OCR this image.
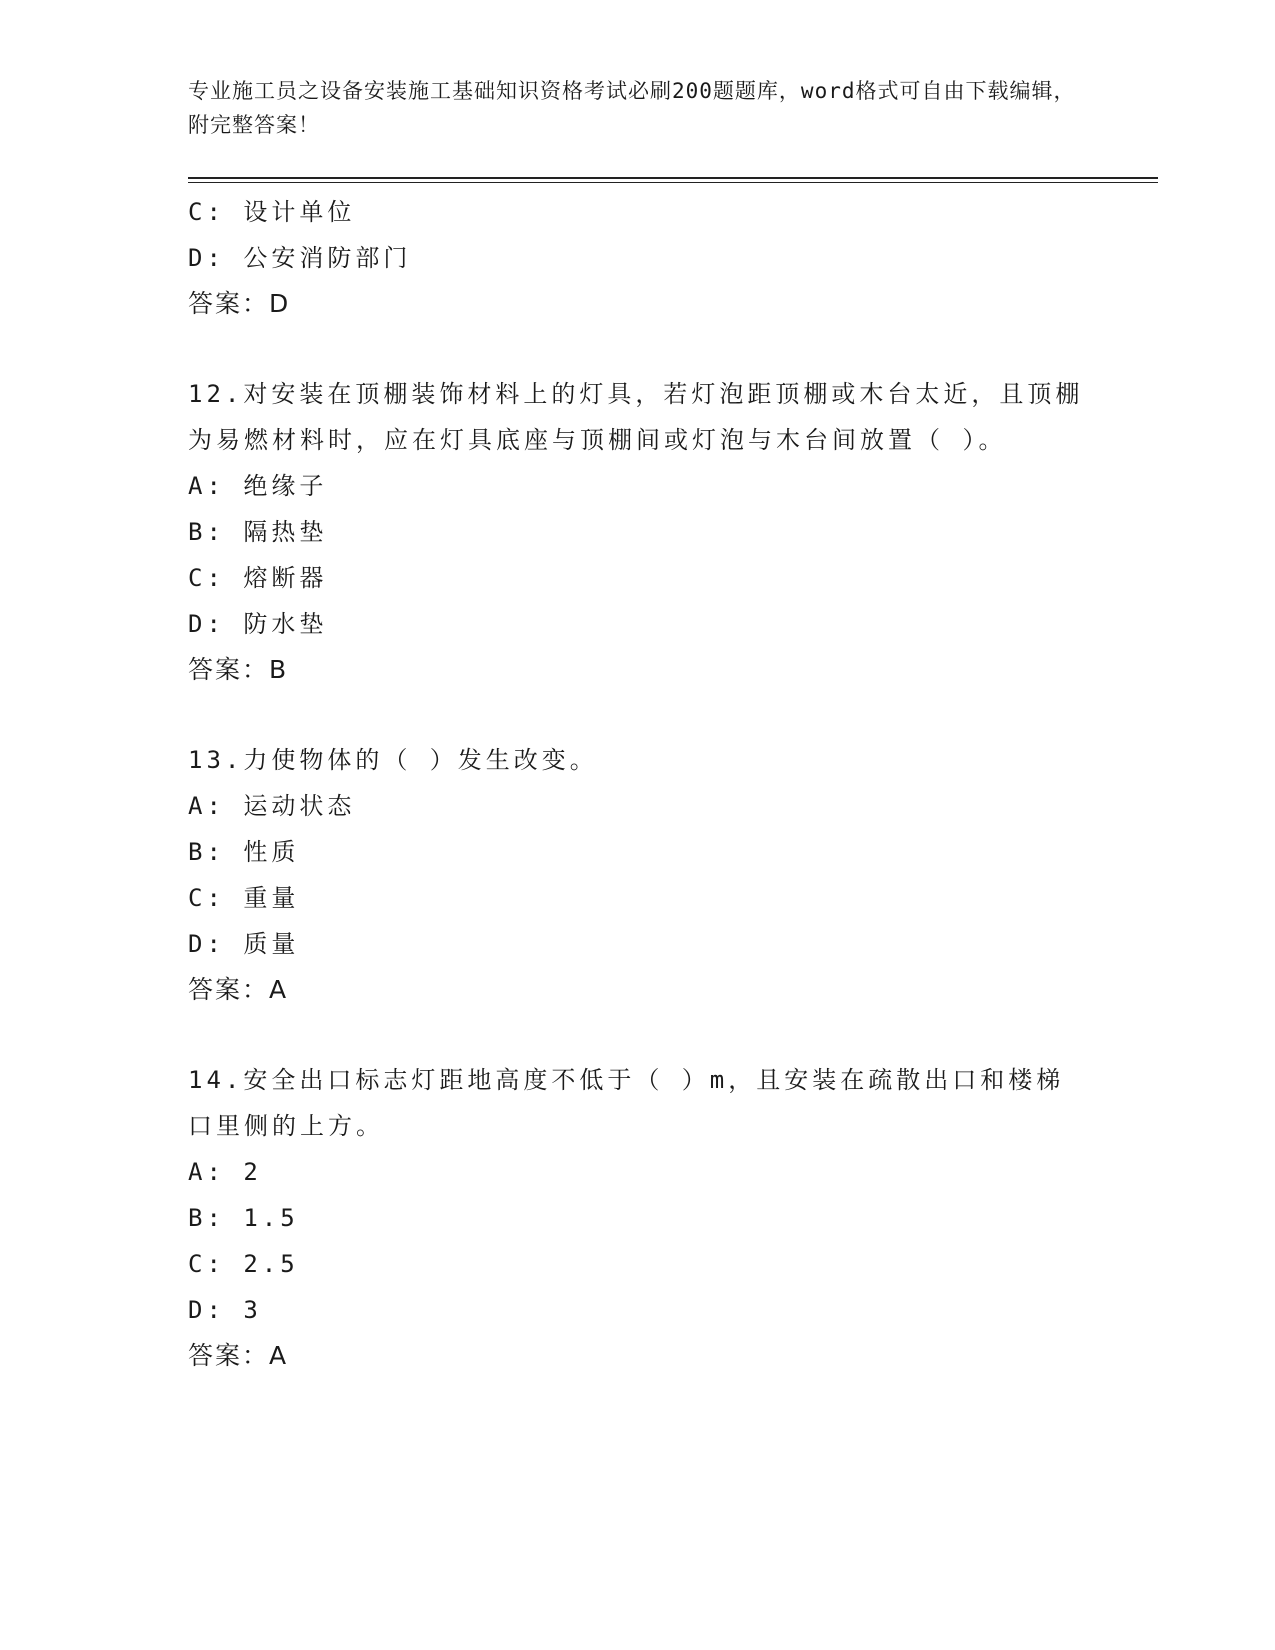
专业施工员之设备安装施工基础知识资格考试必刷200题题库，word格式可自由下载编辑，附完整答案！
C: 设计单位
D: 公安消防部门
答案：D
12.对安装在顶棚装饰材料上的灯具，若灯泡距顶棚或木台太近，且顶棚为易燃材料时，应在灯具底座与顶棚间或灯泡与木台间放置（ ）。
A: 绝缘子
B: 隔热垫
C: 熔断器
D: 防水垫
答案：B
13.力使物体的（ ）发生改变。
A: 运动状态
B: 性质
C: 重量
D: 质量
答案：A
14.安全出口标志灯距地高度不低于（ ）m，且安装在疏散出口和楼梯口里侧的上方。
A: 2
B: 1.5
C: 2.5
D: 3
答案：A
